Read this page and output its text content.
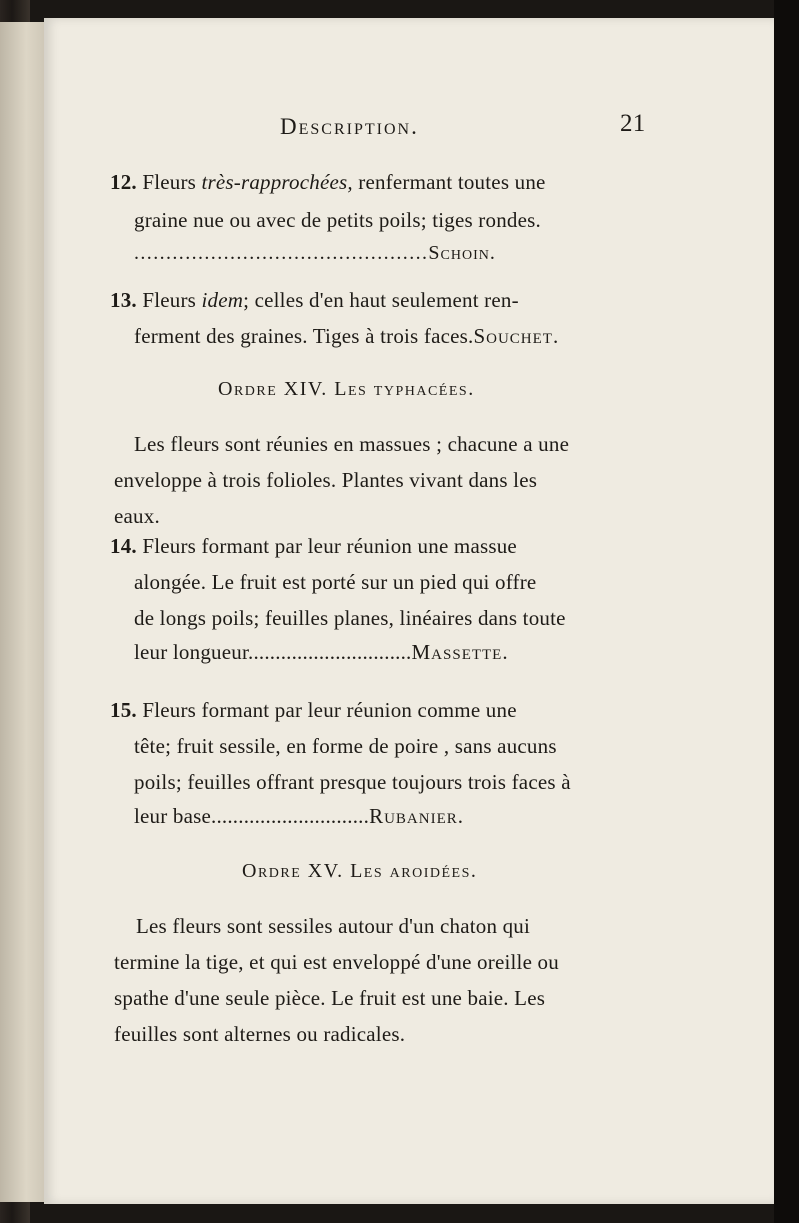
Description.	21
12. Fleurs très-rapprochées, renfermant toutes une
graine nue ou avec de petits poils; tiges rondes.
..............................................Schoin.
13. Fleurs idem; celles d'en haut seulement ren-
ferment des graines. Tiges à trois faces.Souchet.
Ordre XIV. Les typhacées.
Les fleurs sont réunies en massues ; chacune a une
enveloppe à trois folioles. Plantes vivant dans les
eaux.
14. Fleurs formant par leur réunion une massue
alongée. Le fruit est porté sur un pied qui offre
de longs poils; feuilles planes, linéaires dans toute
leur longueur..............................Massette.
15. Fleurs formant par leur réunion comme une
tête; fruit sessile, en forme de poire , sans aucuns
poils; feuilles offrant presque toujours trois faces à
leur base.............................Rubanier.
Ordre XV. Les aroidées.
Les fleurs sont sessiles autour d'un chaton qui
termine la tige, et qui est enveloppé d'une oreille ou
spathe d'une seule pièce. Le fruit est une baie. Les
feuilles sont alternes ou radicales.
